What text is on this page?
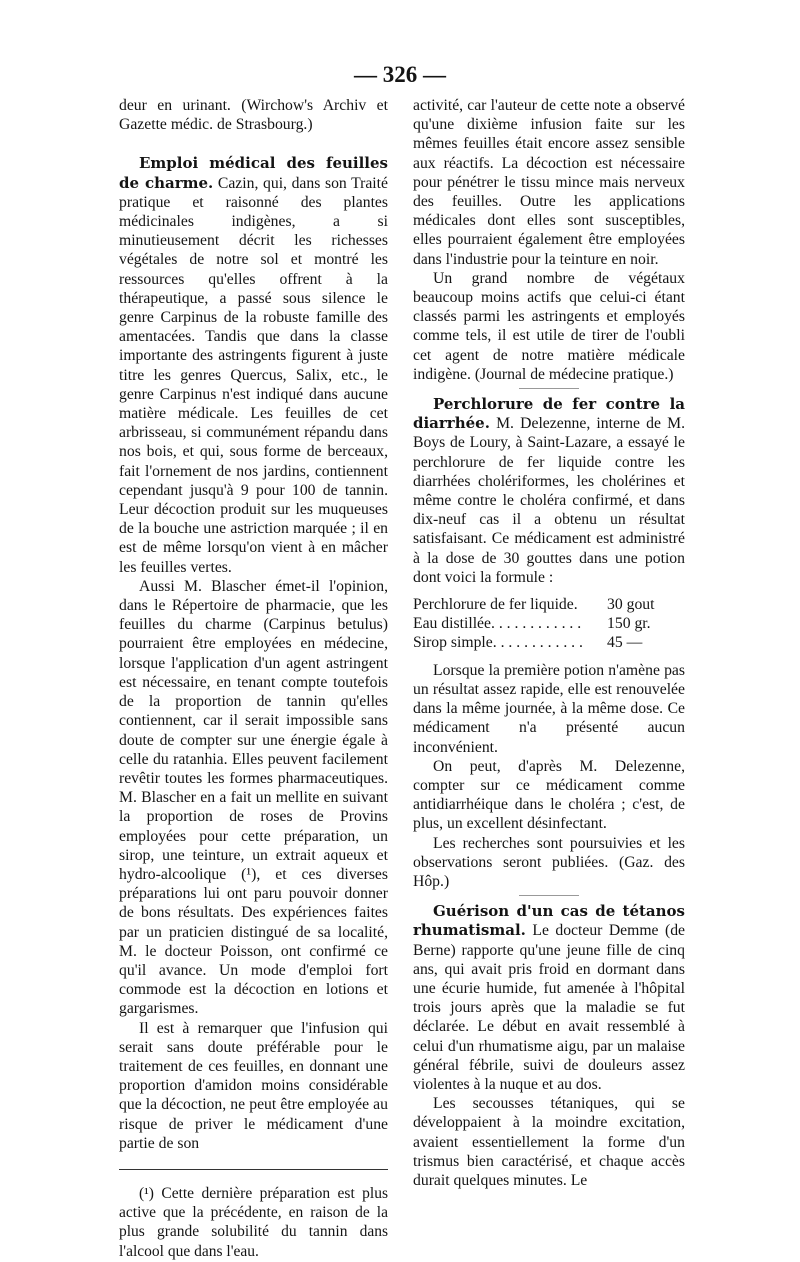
— 326 —

deur en urinant. (Wirchow's Archiv et Gazette médic. de Strasbourg.)

Emploi médical des feuilles de charme. Cazin, qui, dans son Traité pratique et raisonné des plantes médicinales indigènes, a si minutieusement décrit les richesses végétales de notre sol et montré les ressources qu'elles offrent à la thérapeutique, a passé sous silence le genre Carpinus de la robuste famille des amentacées. Tandis que dans la classe importante des astringents figurent à juste titre les genres Quercus, Salix, etc., le genre Carpinus n'est indiqué dans aucune matière médicale. Les feuilles de cet arbrisseau, si communément répandu dans nos bois, et qui, sous forme de berceaux, fait l'ornement de nos jardins, contiennent cependant jusqu'à 9 pour 100 de tannin. Leur décoction produit sur les muqueuses de la bouche une astriction marquée ; il en est de même lorsqu'on vient à en mâcher les feuilles vertes.

Aussi M. Blascher émet-il l'opinion, dans le Répertoire de pharmacie, que les feuilles du charme (Carpinus betulus) pourraient être employées en médecine, lorsque l'application d'un agent astringent est nécessaire, en tenant compte toutefois de la proportion de tannin qu'elles contiennent, car il serait impossible sans doute de compter sur une énergie égale à celle du ratanhia. Elles peuvent facilement revêtir toutes les formes pharmaceutiques. M. Blascher en a fait un mellite en suivant la proportion de roses de Provins employées pour cette préparation, un sirop, une teinture, un extrait aqueux et hydro-alcoolique (¹), et ces diverses préparations lui ont paru pouvoir donner de bons résultats. Des expériences faites par un praticien distingué de sa localité, M. le docteur Poisson, ont confirmé ce qu'il avance. Un mode d'emploi fort commode est la décoction en lotions et gargarismes.

Il est à remarquer que l'infusion qui serait sans doute préférable pour le traitement de ces feuilles, en donnant une proportion d'amidon moins considérable que la décoction, ne peut être employée au risque de priver le médicament d'une partie de son

(¹) Cette dernière préparation est plus active que la précédente, en raison de la plus grande solubilité du tannin dans l'alcool que dans l'eau.

activité, car l'auteur de cette note a observé qu'une dixième infusion faite sur les mêmes feuilles était encore assez sensible aux réactifs. La décoction est nécessaire pour pénétrer le tissu mince mais nerveux des feuilles. Outre les applications médicales dont elles sont susceptibles, elles pourraient également être employées dans l'industrie pour la teinture en noir.

Un grand nombre de végétaux beaucoup moins actifs que celui-ci étant classés parmi les astringents et employés comme tels, il est utile de tirer de l'oubli cet agent de notre matière médicale indigène. (Journal de médecine pratique.)

Perchlorure de fer contre la diarrhée. M. Delezenne, interne de M. Boys de Loury, à Saint-Lazare, a essayé le perchlorure de fer liquide contre les diarrhées cholériformes, les cholérines et même contre le choléra confirmé, et dans dix-neuf cas il a obtenu un résultat satisfaisant. Ce médicament est administré à la dose de 30 gouttes dans une potion dont voici la formule :

Perchlorure de fer liquide.	30 gout
Eau distillée. . . . . . . . . . . .	150 gr.
Sirop simple. . . . . . . . . . . .	45 —

Lorsque la première potion n'amène pas un résultat assez rapide, elle est renouvelée dans la même journée, à la même dose. Ce médicament n'a présenté aucun inconvénient.

On peut, d'après M. Delezenne, compter sur ce médicament comme antidiarrhéique dans le choléra ; c'est, de plus, un excellent désinfectant.

Les recherches sont poursuivies et les observations seront publiées. (Gaz. des Hôp.)

Guérison d'un cas de tétanos rhumatismal. Le docteur Demme (de Berne) rapporte qu'une jeune fille de cinq ans, qui avait pris froid en dormant dans une écurie humide, fut amenée à l'hôpital trois jours après que la maladie se fut déclarée. Le début en avait ressemblé à celui d'un rhumatisme aigu, par un malaise général fébrile, suivi de douleurs assez violentes à la nuque et au dos.

Les secousses tétaniques, qui se développaient à la moindre excitation, avaient essentiellement la forme d'un trismus bien caractérisé, et chaque accès durait quelques minutes. Le
